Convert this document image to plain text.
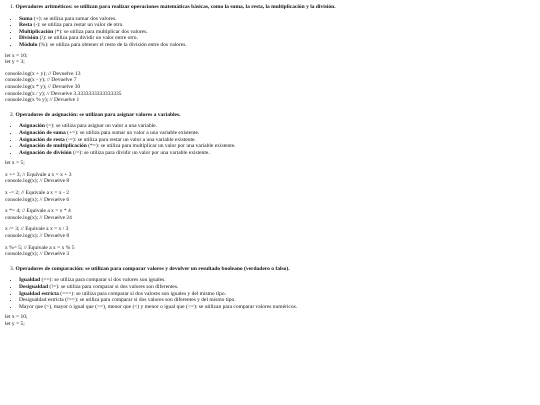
1. Operadores aritméticos: se utilizan para realizar operaciones matemáticas básicas, como la suma, la resta, la multiplicación y la división.
• Suma (+): se utiliza para sumar dos valores.
• Resta (-): se utiliza para restar un valor de otro.
• Multiplicación (*): se utiliza para multiplicar dos valores.
• División (/): se utiliza para dividir un valor entre otro.
• Módulo (%): se utiliza para obtener el resto de la división entre dos valores.
let x = 10;
let y = 3;
console.log(x + y); // Devuelve 13
console.log(x - y); // Devuelve 7
console.log(x * y); // Devuelve 30
console.log(x / y); // Devuelve 3.3333333333333335
console.log(x % y); // Devuelve 1
2. Operadores de asignación: se utilizan para asignar valores a variables.
• Asignación (=): se utiliza para asignar un valor a una variable.
• Asignación de suma (+=): se utiliza para sumar un valor a una variable existente.
• Asignación de resta (-=): se utiliza para restar un valor a una variable existente.
• Asignación de multiplicación (*=): se utiliza para multiplicar un valor por una variable existente.
• Asignación de división (/=): se utiliza para dividir un valor por una variable existente.
let x = 5;
x += 3; // Equivale a x = x + 3
console.log(x); // Devuelve 8
x -= 2; // Equivale a x = x - 2
console.log(x); // Devuelve 6
x *= 4; // Equivale a x = x * 4
console.log(x); // Devuelve 24
x /= 3; // Equivale a x = x / 3
console.log(x); // Devuelve 8
x %= 5; // Equivale a x = x % 5
console.log(x); // Devuelve 3
3. Operadores de comparación: se utilizan para comparar valores y devolver un resultado booleano (verdadero o falso).
• Igualdad (==): se utiliza para comparar si dos valores son iguales.
• Desigualdad (!=): se utiliza para comparar si dos valores son diferentes.
• Igualdad estricta (===): se utiliza para comparar si dos valores son iguales y del mismo tipo.
• Desigualdad estricta (!==): se utiliza para comparar si dos valores son diferentes y del mismo tipo.
• Mayor que (>), mayor o igual que (>=), menor que (<) y menor o igual que (<=): se utilizan para comparar valores numéricos.
let x = 10;
let y = 5;
